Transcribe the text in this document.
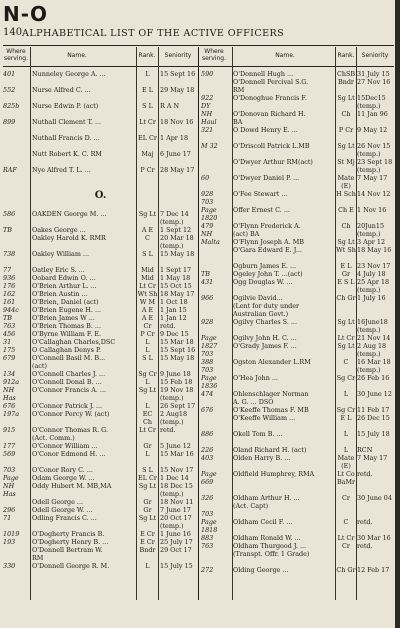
N-O
140 ALPHABETICAL LIST OF THE ACTIVE OFFICERS
Where serving.	Name.	Rank.	Seniority
Where serving.	Name.	Rank.	Seniority
401	Nunneley George A. ...	L	15 Sept 16
552	Nurse Alfred C. ...	E L	29 May 18
825b	Nurse Edwin P. (act)	S L	R A N
899	Nuthall Clement T. ...	Lt Cr 18 Nov 16
Nuthall Francis D. ...	EL Cr 1 Apr 18
Nutt Robert K. C. RM	Maj 6 June 17
RAF	Nye Alfred T. L. ...	P Cr 28 May 17
O.
586	OAKDEN George M. ...	Sg Lt 7 Dec 14
(temp.)
TB	Oakes George ...	A E	1 Sept 12
Oakley Harold K. RMR	C	20 Mar 18
(temp.)
738	Oakley William ...	S L	15 May 18
77	Oatley Eric S. ...	Mid 1 Sept 17
936	Oobard Edwin O. ...	Mid 1 May 18
176	O'Brien Arthur L. ...	Lt Cr 15 Oct 15
162	O'Brien Austin ...	Wt Sh 18 May 17
161	O'Brien, Daniel (act)	W M 1 Oct 18
944c	O'Brien Eugene H. ...	A E	1 Jan 15
TB	O'Brien James W ...	A E	1 Jan 12
763	O'Brien Thomas B. ...	Cr	retd.
456	O'Byrne William F. E.	P Cr 9 Dec 15
31	O'Callaghan Charles,DSC	L	15 Mar 18
175	O Callaghan Denys P.	L	15 Sept 16
679	O'Connell Basil M. B...	S L	15 May 18
(act)
134	O'Connell Charles J. ...	Sg Cr 9 June 18
912a	O'Connell Donal B. ...	L	15 Feb 18
NH	O'Connor Francis A. ...	Sg Lt 19 Nov 18
Has	(temp.)
676	O'Connor Patrick J. ...	L	26 Sept 17
197a	O'Connor Percy W. (act)	EC	2 Aug18
Ch	(temp.)
915	O'Connor Thomas R. G.	Lt Cr retd.
(Act. Comm.)
177	O'Connor William ...	Gr	5 June 12
569	O'Conor Edmond H. ...	L	15 Mar 16
703	O'Conor Rory C. ...	S L	15 Nov 17
Page	Odam George W. ...	EL Cr 1 Dec 14
NH	Oddy Hubert M. MB,MA	Sg Lt 18 Dec 15
Has	(temp.)
Odell George ...	Gr	18 Nov 11
296	Odell George W. ...	Gr	7 June 17
71	Odling Francis C. ...	Sg Lt 20 Oct 17
(temp.)
1019	O'Dogherty Francis B.	E Cr 1 June 16
193	O'Dogherty Henry B. ...	E Cr 25 July 17
O'Donnell Bertram W.	Bndr 29 Oct 17
RM
330	O'Donnell George R. M.	L	15 July 15
590	O'Donnell Hugh ...	ChSB 31 July 15
O'Donnell Percival S.G.	Bndr 27 Nov 16
RM
922	O'Donoghue Francis F.	Sg Lt 15Dec15
DY	(temp.)
NH	O'Donovan Richard H.	Ch	11 Jan 96
Haul	BA
321	O Dowd Henry E. ...	P Cr 9 May 12
M 32	O'Driscoll Patrick L.MB	Sg Lt 26 Nov 15
(temp.)
O'Dwyer Arthur RM(act)	St Mj 23 Sept 18
(temp.)
60	O'Dwyer Daniel P. ...	Mate 7 May 17
(E)
928	O'Fee Stewart ...	H Sch 14 Nov 12
703
Page	Offer Ernest C. ...	Ch E 1 Nov 16
1820
479	O'Flynn Frederick A.	Ch	20Jun15
NH	(act) BA	(temp.)
Malta	O'Flynn Joseph A. MB	Sg Lt 3 Apr 12
O'Gara Edward E. J...	Wt Sh 18 May 16
Ogburn James E. ...	E L 23 Nov 17
TB	Ogeley John T. ...(act)	Gr	4 July 18
431	Ogg Douglas W. ...	E S L 25 Apr 18
(temp.)
966	Ogilvie David...	Ch Gr 1 July 16
(Lent for duty under
Australian Govt.)
928	Ogilvy Charles S. ...	Sg Lt 16June18
(temp.)
Page	Ogilvy John H. C. ...	Lt Cr 21 Nov 14
1827	O'Grady James F. ...	Sg Lt 2 Aug 18
703	(temp.)
388	Ogston Alexander L.RM	C	16 Mar 18
703	(temp.)
Page	O'Hea John ...	Sg Cr 26 Feb 16
1836
474	Ohlenschlager Norman	L	30 June 12
A. G. ... DSO
676	O'Keeffe Thomas F. MB	Sg Cr 11 Feb 17
O'Keeffe William ...	E L 26 Dec 15
886	Okell Tom B. ...	L	15 July 18
226	Oland Richard H. (act)	L	RCN
403	Olden Harry B. ...	Mate 7 May 17
(E)
Page	Oldfield Humphrey, RMA	Lt Co retd.
669	BaMr
326	Oldham Arthur H. ...	Cr	30 June 04
(Act. Capt)
703
Page	Oldham Cecil F. ...	C	retd.
1818
883	Oldham Ronald W. ...	Lt Cr 30 Mar 16
763	Oldham Thurgood J. ...	Cr	retd.
(Transpt. Offr. 1 Grade)
272	Olding George ...	Ch Gr 12 Feb 17
